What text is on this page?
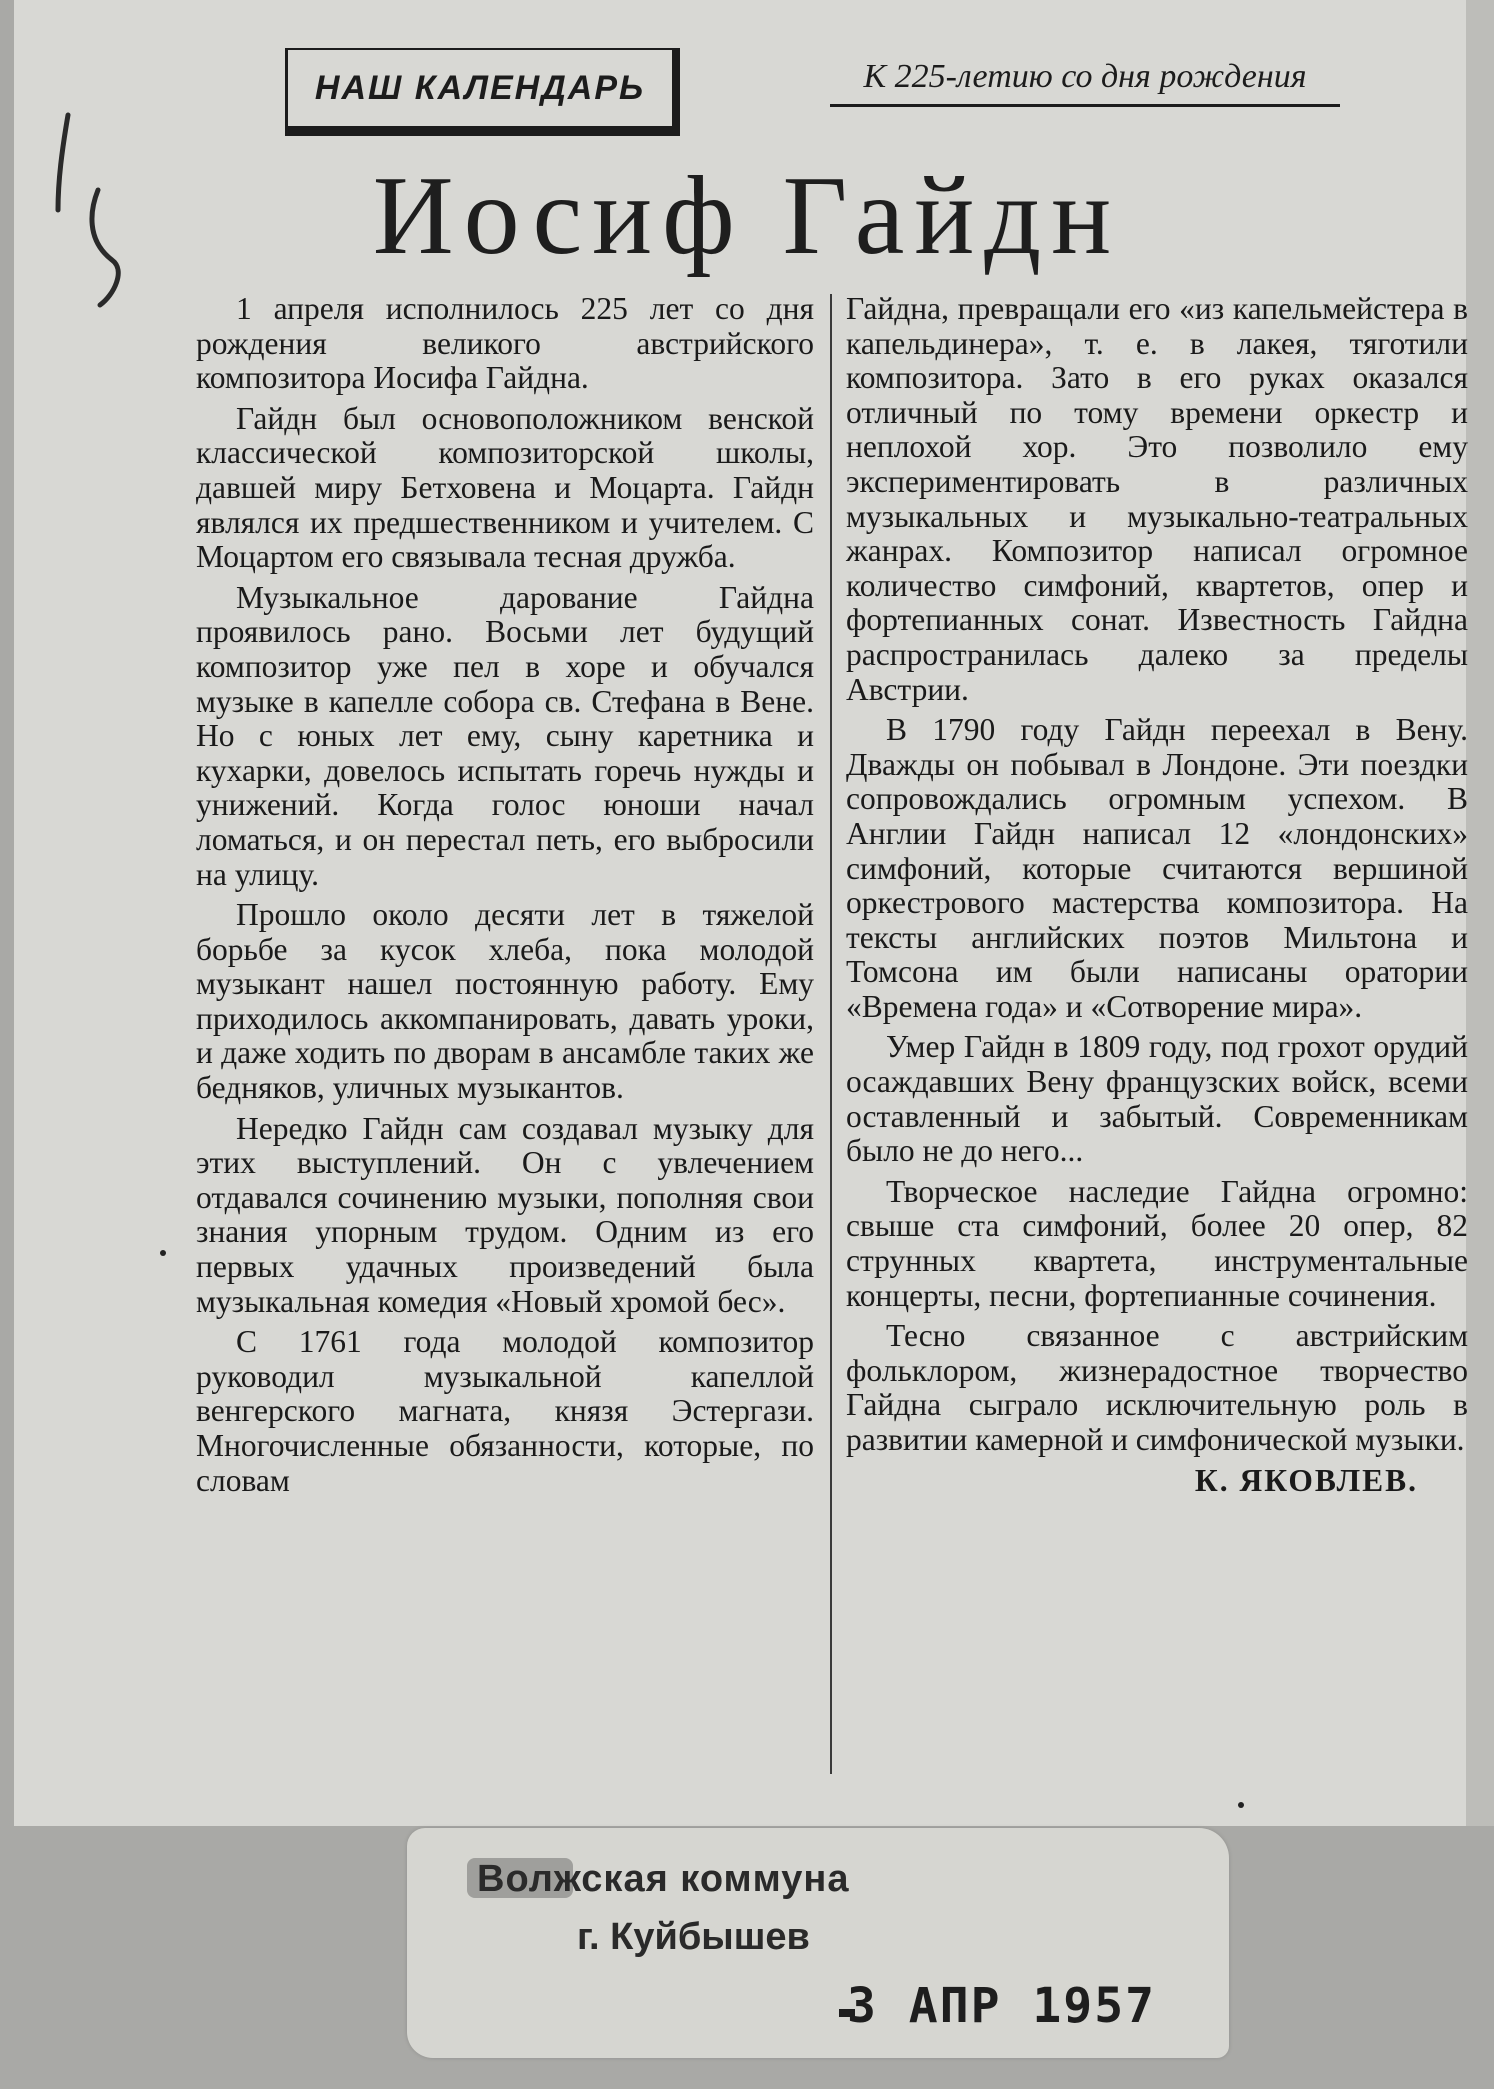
НАШ КАЛЕНДАРЬ	К 225-летию со дня рождения
Иосиф Гайдн

1 апреля исполнилось 225 лет со дня рождения великого австрийского композитора Иосифа Гайдна.

Гайдн был основоположником венской классической композиторской школы, давшей миру Бетховена и Моцарта. Гайдн являлся их предшественником и учителем. С Моцартом его связывала тесная дружба.

Музыкальное дарование Гайдна проявилось рано. Восьми лет будущий композитор уже пел в хоре и обучался музыке в капелле собора св. Стефана в Вене. Но с юных лет ему, сыну каретника и кухарки, довелось испытать горечь нужды и унижений. Когда голос юноши начал ломаться, и он перестал петь, его выбросили на улицу.

Прошло около десяти лет в тяжелой борьбе за кусок хлеба, пока молодой музыкант нашел постоянную работу. Ему приходилось аккомпанировать, давать уроки, и даже ходить по дворам в ансамбле таких же бедняков, уличных музыкантов.

Нередко Гайдн сам создавал музыку для этих выступлений. Он с увлечением отдавался сочинению музыки, пополняя свои знания упорным трудом. Одним из его первых удачных произведений была музыкальная комедия «Новый хромой бес».

С 1761 года молодой композитор руководил музыкальной капеллой венгерского магната, князя Эстергази. Многочисленные обязанности, которые, по словам

Гайдна, превращали его «из капельмейстера в капельдинера», т. е. в лакея, тяготили композитора. Зато в его руках оказался отличный по тому времени оркестр и неплохой хор. Это позволило ему экспериментировать в различных музыкальных и музыкально-театральных жанрах. Композитор написал огромное количество симфоний, квартетов, опер и фортепианных сонат. Известность Гайдна распространилась далеко за пределы Австрии.

В 1790 году Гайдн переехал в Вену. Дважды он побывал в Лондоне. Эти поездки сопровождались огромным успехом. В Англии Гайдн написал 12 «лондонских» симфоний, которые считаются вершиной оркестрового мастерства композитора. На тексты английских поэтов Мильтона и Томсона им были написаны оратории «Времена года» и «Сотворение мира».

Умер Гайдн в 1809 году, под грохот орудий осаждавших Вену французских войск, всеми оставленный и забытый. Современникам было не до него...

Творческое наследие Гайдна огромно: свыше ста симфоний, более 20 опер, 82 струнных квартета, инструментальные концерты, песни, фортепианные сочинения.

Тесно связанное с австрийским фольклором, жизнерадостное творчество Гайдна сыграло исключительную роль в развитии камерной и симфонической музыки.

К. ЯКОВЛЕВ.
Волжская коммуна
г. Куйбышев
3 АПР 1957
